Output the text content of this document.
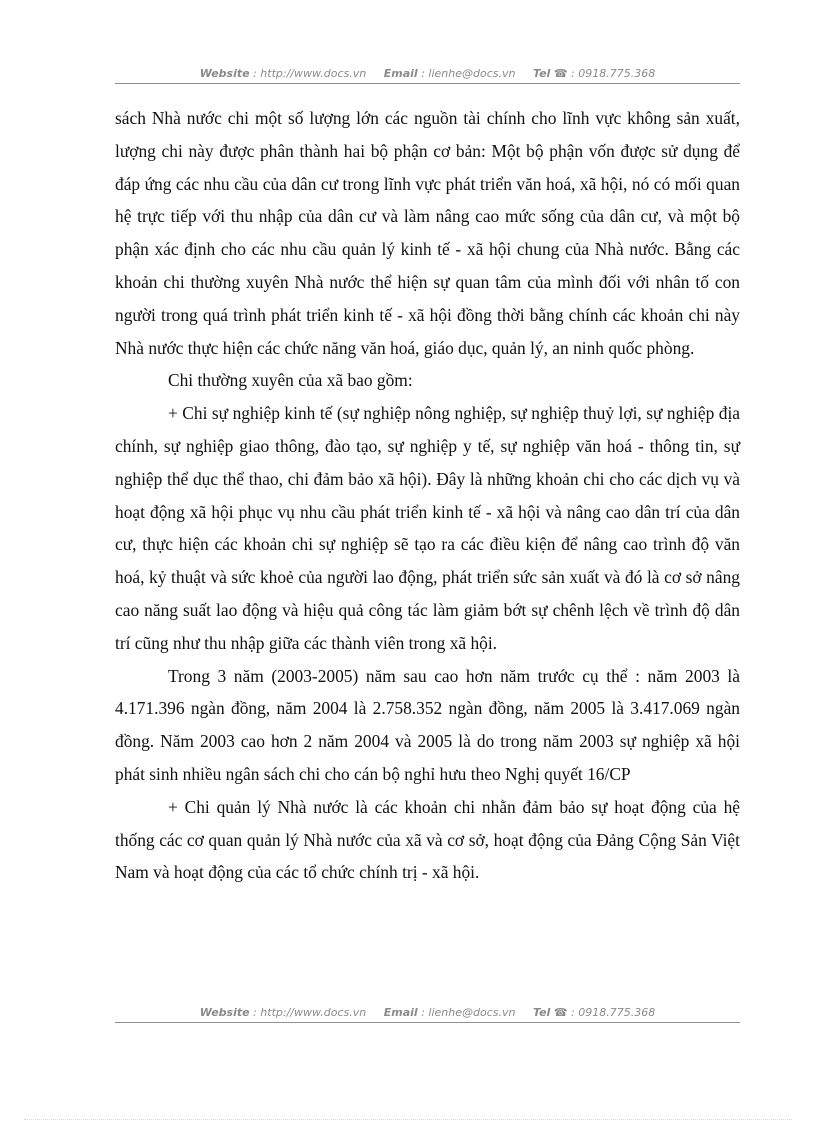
Website : http://www.docs.vn Email : lienhe@docs.vn Tel ☎ : 0918.775.368

sách Nhà nước chi một số lượng lớn các nguồn tài chính cho lĩnh vực không sản xuất, lượng chi này được phân thành hai bộ phận cơ bản: Một bộ phận vốn được sử dụng để đáp ứng các nhu cầu của dân cư trong lĩnh vực phát triển văn hoá, xã hội, nó có mối quan hệ trực tiếp với thu nhập của dân cư và làm nâng cao mức sống của dân cư, và một bộ phận xác định cho các nhu cầu quản lý kinh tế - xã hội chung của Nhà nước. Bằng các khoản chi thường xuyên Nhà nước thể hiện sự quan tâm của mình đối với nhân tố con người trong quá trình phát triển kinh tế - xã hội đồng thời bằng chính các khoản chi này Nhà nước thực hiện các chức năng văn hoá, giáo dục, quản lý, an ninh quốc phòng.

Chi thường xuyên của xã bao gồm:

+ Chi sự nghiệp kinh tế (sự nghiệp nông nghiệp, sự nghiệp thuỷ lợi, sự nghiệp địa chính, sự nghiệp giao thông, đào tạo, sự nghiệp y tế, sự nghiệp văn hoá - thông tin, sự nghiệp thể dục thể thao, chi đảm bảo xã hội). Đây là những khoản chi cho các dịch vụ và hoạt động xã hội phục vụ nhu cầu phát triển kinh tế - xã hội và nâng cao dân trí của dân cư, thực hiện các khoản chi sự nghiệp sẽ tạo ra các điều kiện để nâng cao trình độ văn hoá, kỷ thuật và sức khoẻ của người lao động, phát triển sức sản xuất và đó là cơ sở nâng cao năng suất lao động và hiệu quả công tác làm giảm bớt sự chênh lệch về trình độ dân trí cũng như thu nhập giữa các thành viên trong xã hội.

Trong 3 năm (2003-2005) năm sau cao hơn năm trước cụ thể : năm 2003 là 4.171.396 ngàn đồng, năm 2004 là 2.758.352 ngàn đồng, năm 2005 là 3.417.069 ngàn đồng. Năm 2003 cao hơn 2 năm 2004 và 2005 là do trong năm 2003 sự nghiệp xã hội phát sinh nhiều ngân sách chi cho cán bộ nghỉ hưu theo Nghị quyết 16/CP

+ Chi quản lý Nhà nước là các khoản chi nhằn đảm bảo sự hoạt động của hệ thống các cơ quan quản lý Nhà nước của xã và cơ sở, hoạt động của Đảng Cộng Sản Việt Nam và hoạt động của các tổ chức chính trị - xã hội.

Website : http://www.docs.vn Email : lienhe@docs.vn Tel ☎ : 0918.775.368
